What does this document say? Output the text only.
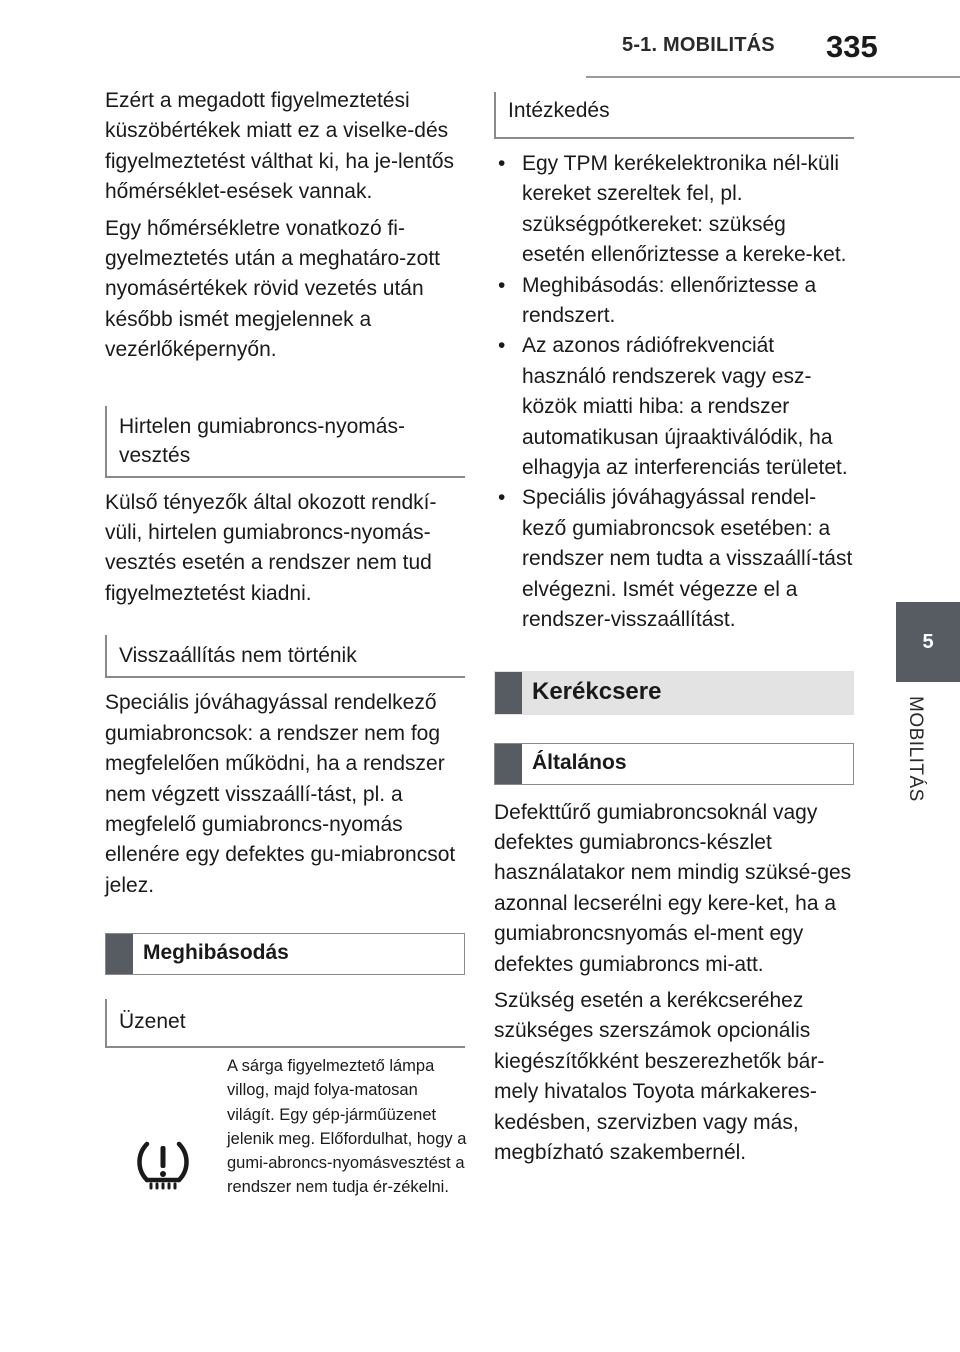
5-1. MOBILITÁS 335
5
MOBILITÁS

Ezért a megadott figyelmeztetési küszöbértékek miatt ez a viselke-dés figyelmeztetést válthat ki, ha je-lentős hőmérséklet-esések vannak.

Egy hőmérsékletre vonatkozó fi-gyelmeztetés után a meghatáro-zott nyomásértékek rövid vezetés után később ismét megjelennek a vezérlőképernyőn.

Hirtelen gumiabroncs-nyomás-vesztés

Külső tényezők által okozott rendkí-vüli, hirtelen gumiabroncs-nyomás-vesztés esetén a rendszer nem tud figyelmeztetést kiadni.

Visszaállítás nem történik

Speciális jóváhagyással rendelkező gumiabroncsok: a rendszer nem fog megfelelően működni, ha a rendszer nem végzett visszaállí-tást, pl. a megfelelő gumiabroncs-nyomás ellenére egy defektes gu-miabroncsot jelez.

Meghibásodás
Üzenet

A sárga figyelmeztető lámpa villog, majd folya-matosan világít. Egy gép-járműüzenet jelenik meg. Előfordulhat, hogy a gumi-abroncs-nyomásvesztést a rendszer nem tudja ér-zékelni.

Intézkedés
• Egy TPM kerékelektronika nél-küli kereket szereltek fel, pl. szükségpótkereket: szükség esetén ellenőriztesse a kereke-ket.
• Meghibásodás: ellenőriztesse a rendszert.
• Az azonos rádiófrekvenciát használó rendszerek vagy esz-közök miatti hiba: a rendszer automatikusan újraaktiválódik, ha elhagyja az interferenciás területet.
• Speciális jóváhagyással rendel-kező gumiabroncsok esetében: a rendszer nem tudta a visszaállí-tást elvégezni. Ismét végezze el a rendszer-visszaállítást.
Kerékcsere
Általános

Defekttűrő gumiabroncsoknál vagy defektes gumiabroncs-készlet használatakor nem mindig szüksé-ges azonnal lecserélni egy kere-ket, ha a gumiabroncsnyomás el-ment egy defektes gumiabroncs mi-att.

Szükség esetén a kerékcseréhez szükséges szerszámok opcionális kiegészítőkként beszerezhetők bár-mely hivatalos Toyota márkakeres-kedésben, szervizben vagy más, megbízható szakembernél.
